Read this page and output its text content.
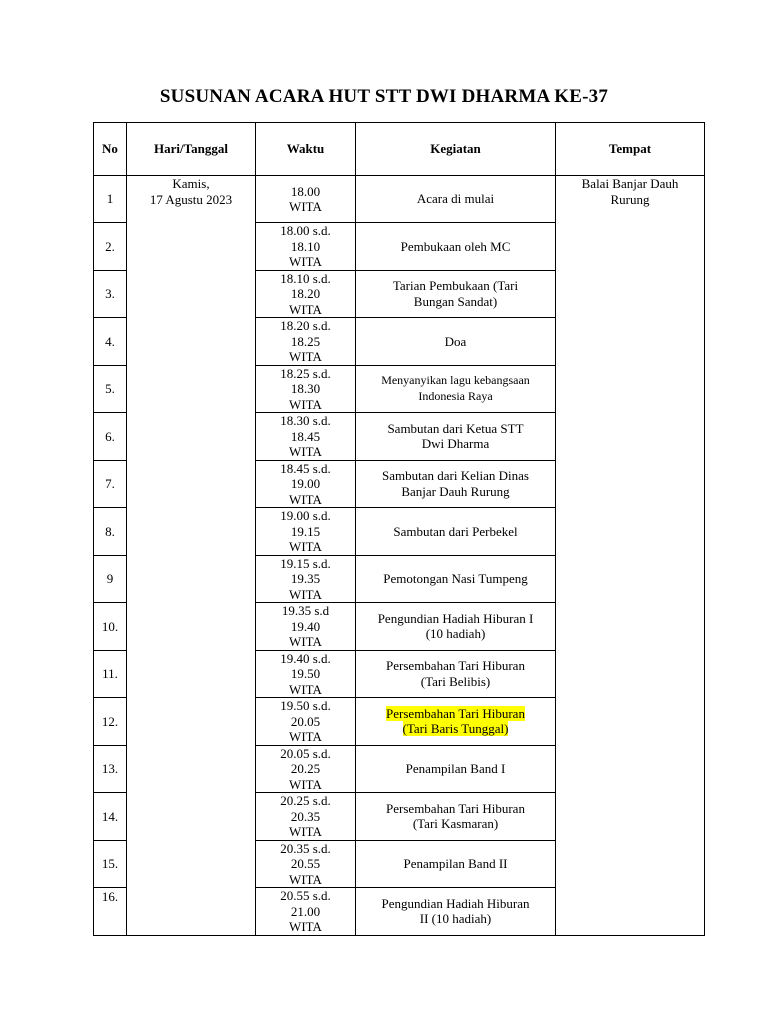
SUSUNAN ACARA HUT STT DWI DHARMA KE-37
No	Hari/Tanggal	Waktu	Kegiatan	Tempat
1	Kamis,
17 Agustu 2023	18.00
WITA	Acara di mulai	Balai Banjar Dauh
Rurung

2.		18.00 s.d.
18.10
WITA	Pembukaan oleh MC	

3.		18.10 s.d.
18.20
WITA	Tarian Pembukaan (Tari
Bungan Sandat)	

4.		18.20 s.d.
18.25
WITA	Doa	

5.		18.25 s.d.
18.30
WITA	Menyanyikan lagu kebangsaan
Indonesia Raya	

6.		18.30 s.d.
18.45
WITA	Sambutan dari Ketua STT
Dwi Dharma	

7.		18.45 s.d.
19.00
WITA	Sambutan dari Kelian Dinas
Banjar Dauh Rurung	

8.		19.00 s.d.
19.15
WITA	Sambutan dari Perbekel	

9		19.15 s.d.
19.35
WITA	Pemotongan Nasi Tumpeng	

10.		19.35 s.d
19.40
WITA	Pengundian Hadiah Hiburan I
(10 hadiah)	

11.		19.40 s.d.
19.50
WITA	Persembahan Tari Hiburan
(Tari Belibis)	

12.		19.50 s.d.
20.05
WITA	Persembahan Tari Hiburan
(Tari Baris Tunggal)	

13.		20.05 s.d.
20.25
WITA	Penampilan Band I	

14.		20.25 s.d.
20.35
WITA	Persembahan Tari Hiburan
(Tari Kasmaran)	

15.		20.35 s.d.
20.55
WITA	Penampilan Band II	

16.		20.55 s.d.
21.00
WITA	Pengundian Hadiah Hiburan
II (10 hadiah)	
